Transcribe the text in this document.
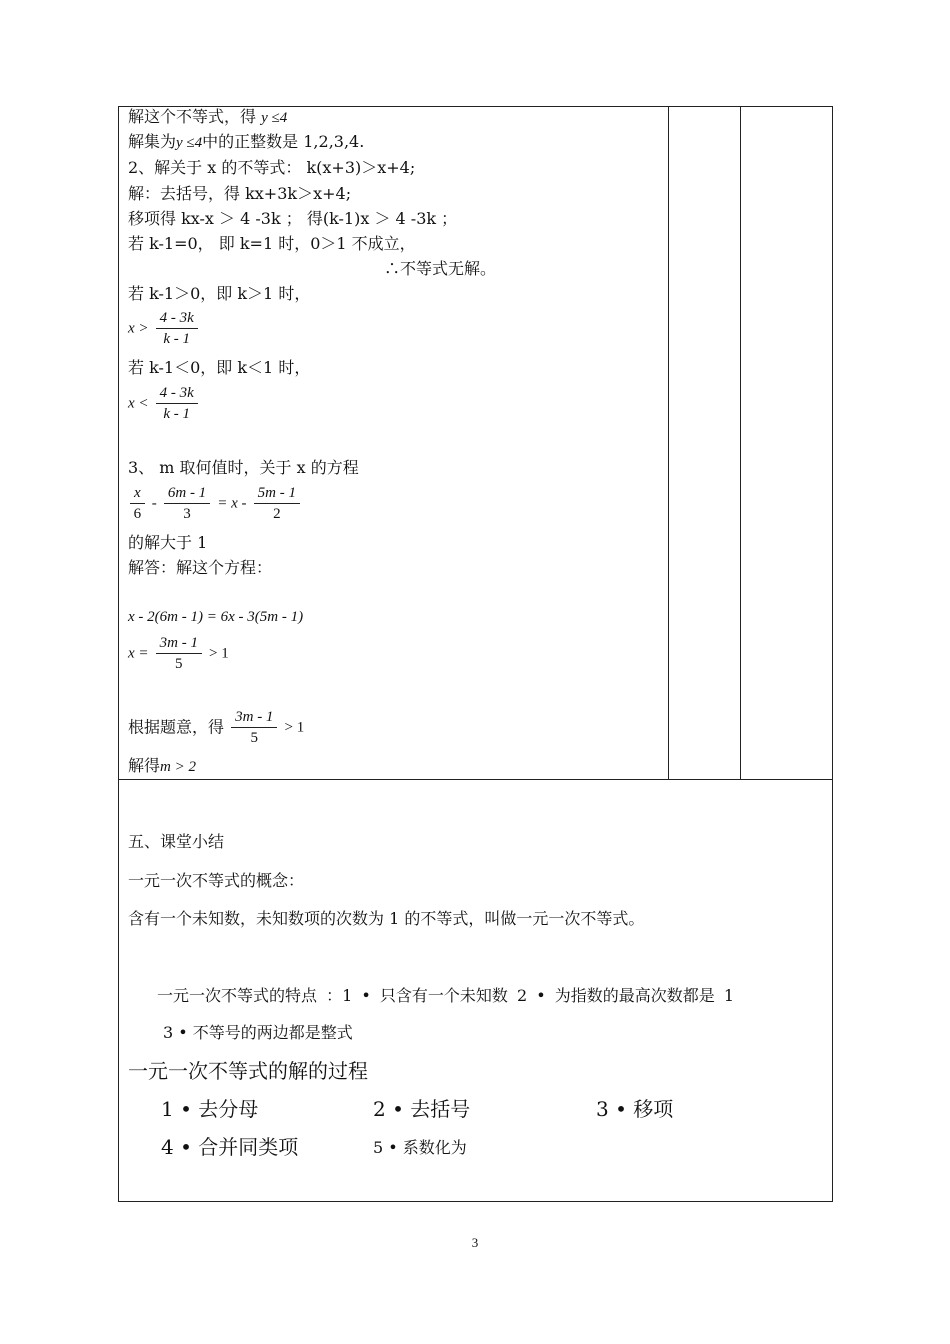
解这个不等式，得 y ≤4
解集为y ≤4中的正整数是 1,2,3,4.
2、解关于 x 的不等式： k(x+3)＞x+4;
解：去括号，得 kx+3k＞x+4;
移项得 kx-x ＞ 4 -3k ； 得(k-1)x ＞ 4 -3k ；
若 k-1=0， 即 k=1 时，0＞1 不成立，
∴不等式无解。
若 k-1＞0，即 k＞1 时，
$x > \frac{4 - 3k}{k - 1}$
若 k-1＜0，即 k＜1 时，
$x < \frac{4 - 3k}{k - 1}$
3、 m 取何值时，关于 x 的方程
$\frac{x}{6} - \frac{6m - 1}{3} = x - \frac{5m - 1}{2}$
的解大于 1
解答：解这个方程：
x - 2(6m - 1) = 6x - 3(5m - 1)
$x = \frac{3m - 1}{5} > 1$
根据题意，得 $\frac{3m - 1}{5} > 1$
解得m > 2
五、课堂小结
一元一次不等式的概念：
含有一个未知数，未知数项的次数为 1 的不等式，叫做一元一次不等式。
一元一次不等式的特点 ：1 • 只含有一个未知数 2 • 为指数的最高次数都是 1
3 • 不等号的两边都是整式
一元一次不等式的解的过程
1 • 去分母	2 • 去括号	3 • 移项
4 • 合并同类项	5 • 系数化为
3
